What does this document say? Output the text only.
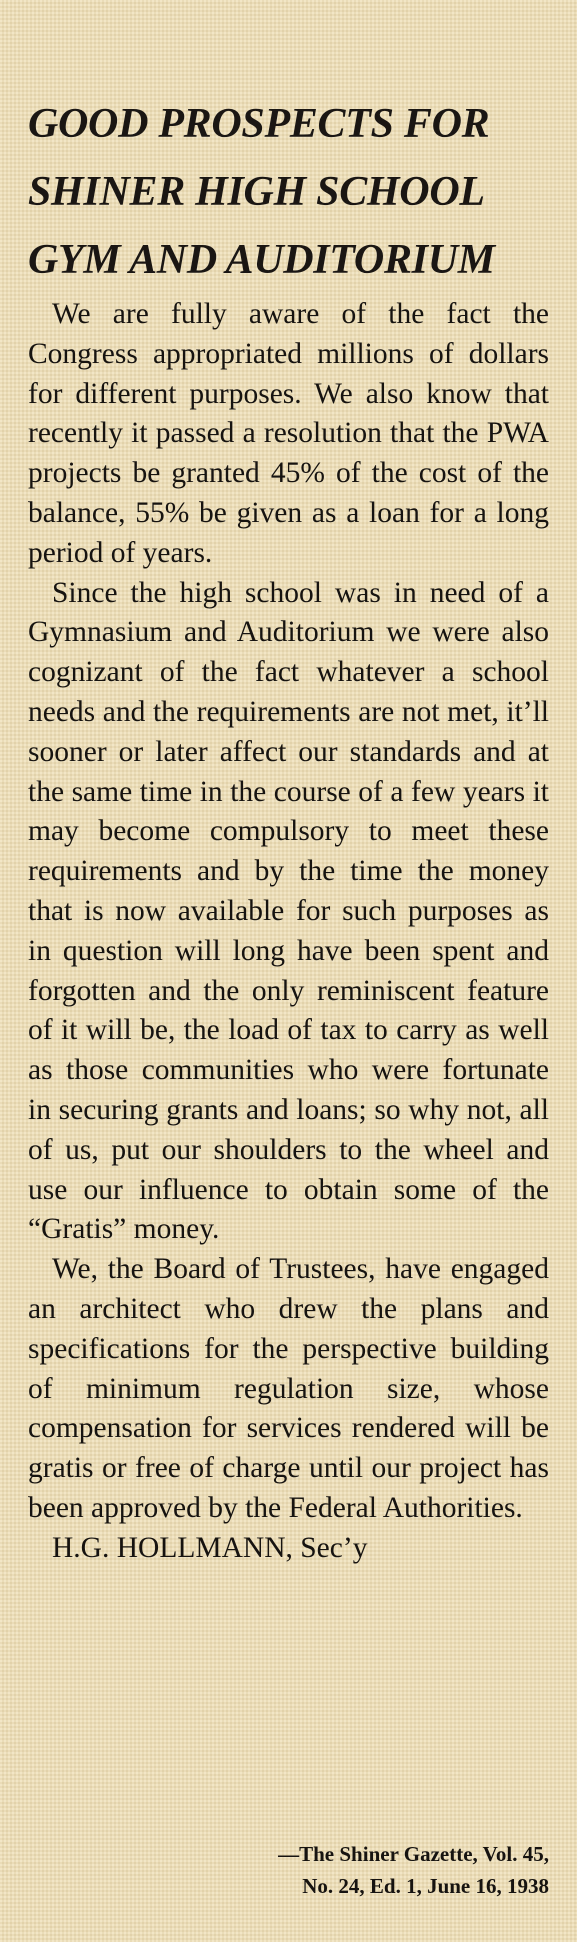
GOOD PROSPECTS FOR
SHINER HIGH SCHOOL
GYM AND AUDITORIUM

We are fully aware of the fact the Congress appropriated millions of dollars for different purposes. We also know that recently it passed a resolution that the PWA projects be granted 45% of the cost of the balance, 55% be given as a loan for a long period of years.

Since the high school was in need of a Gymnasium and Auditorium we were also cognizant of the fact whatever a school needs and the requirements are not met, it’ll sooner or later affect our standards and at the same time in the course of a few years it may become compulsory to meet these requirements and by the time the money that is now available for such purposes as in question will long have been spent and forgotten and the only reminiscent feature of it will be, the load of tax to carry as well as those communities who were fortunate in securing grants and loans; so why not, all of us, put our shoulders to the wheel and use our influence to obtain some of the “Gratis” money.

We, the Board of Trustees, have engaged an architect who drew the plans and specifications for the perspective building of minimum regulation size, whose compensation for services rendered will be gratis or free of charge until our project has been approved by the Federal Authorities.

H.G. HOLLMANN, Sec’y

—The Shiner Gazette, Vol. 45,
No. 24, Ed. 1, June 16, 1938
